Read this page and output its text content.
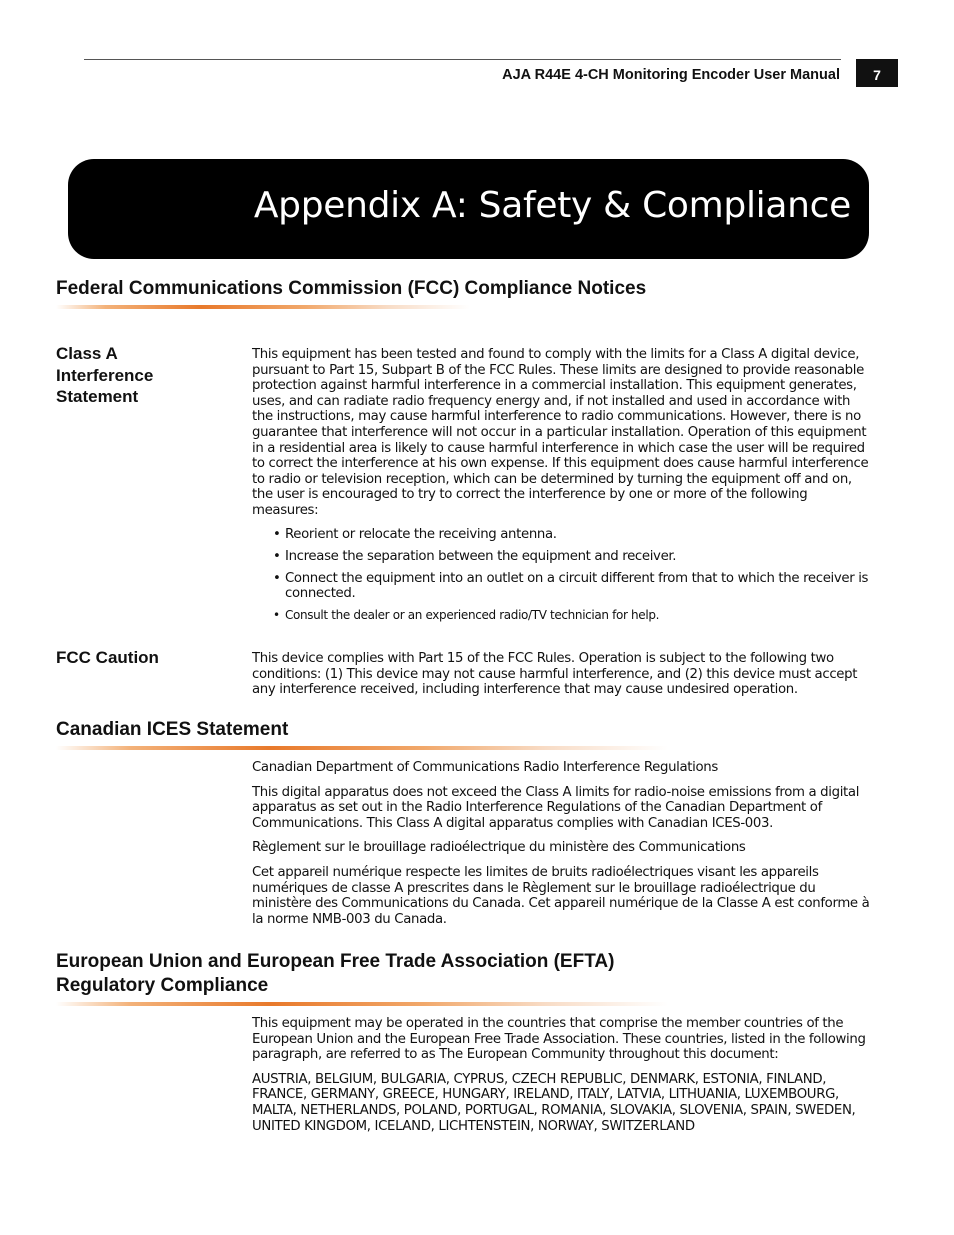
AJA R44E 4-CH Monitoring Encoder User Manual	7
Appendix A: Safety & Compliance
Federal Communications Commission (FCC) Compliance Notices
Class A
Interference
Statement

This equipment has been tested and found to comply with the limits for a Class A digital device, pursuant to Part 15, Subpart B of the FCC Rules. These limits are designed to provide reasonable protection against harmful interference in a commercial installation. This equipment generates, uses, and can radiate radio frequency energy and, if not installed and used in accordance with the instructions, may cause harmful interference to radio communications. However, there is no guarantee that interference will not occur in a particular installation. Operation of this equipment in a residential area is likely to cause harmful interference in which case the user will be required to correct the interference at his own expense. If this equipment does cause harmful interference to radio or television reception, which can be determined by turning the equipment off and on, the user is encouraged to try to correct the interference by one or more of the following measures:

• Reorient or relocate the receiving antenna.
• Increase the separation between the equipment and receiver.
• Connect the equipment into an outlet on a circuit different from that to which the receiver is connected.
• Consult the dealer or an experienced radio/TV technician for help.
FCC Caution	This device complies with Part 15 of the FCC Rules. Operation is subject to the following two conditions: (1) This device may not cause harmful interference, and (2) this device must accept any interference received, including interference that may cause undesired operation.
Canadian ICES Statement

Canadian Department of Communications Radio Interference Regulations

This digital apparatus does not exceed the Class A limits for radio-noise emissions from a digital apparatus as set out in the Radio Interference Regulations of the Canadian Department of Communications. This Class A digital apparatus complies with Canadian ICES-003.

Règlement sur le brouillage radioélectrique du ministère des Communications

Cet appareil numérique respecte les limites de bruits radioélectriques visant les appareils numériques de classe A prescrites dans le Règlement sur le brouillage radioélectrique du ministère des Communications du Canada. Cet appareil numérique de la Classe A est conforme à la norme NMB-003 du Canada.

European Union and European Free Trade Association (EFTA)
Regulatory Compliance

This equipment may be operated in the countries that comprise the member countries of the European Union and the European Free Trade Association. These countries, listed in the following paragraph, are referred to as The European Community throughout this document:

AUSTRIA, BELGIUM, BULGARIA, CYPRUS, CZECH REPUBLIC, DENMARK, ESTONIA, FINLAND, FRANCE, GERMANY, GREECE, HUNGARY, IRELAND, ITALY, LATVIA, LITHUANIA, LUXEMBOURG, MALTA, NETHERLANDS, POLAND, PORTUGAL, ROMANIA, SLOVAKIA, SLOVENIA, SPAIN, SWEDEN, UNITED KINGDOM, ICELAND, LICHTENSTEIN, NORWAY, SWITZERLAND
